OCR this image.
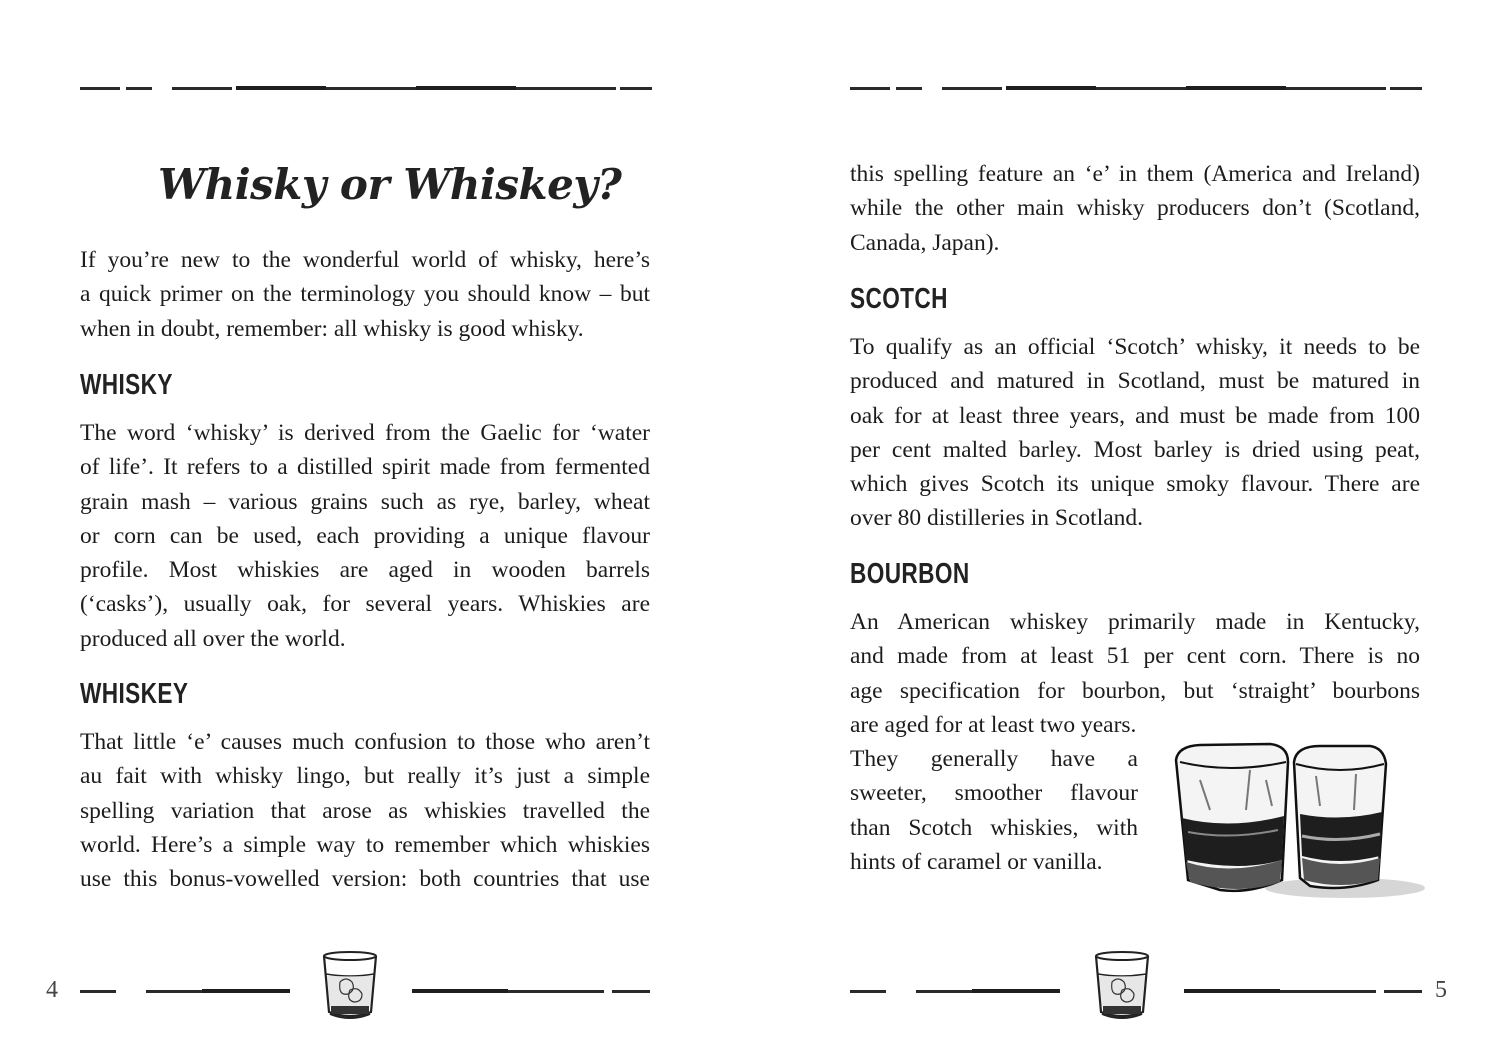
Whisky or Whiskey?
If you’re new to the wonderful world of whisky, here’s
a quick primer on the terminology you should know – but
when in doubt, remember: all whisky is good whisky.
WHISKY
The word ‘whisky’ is derived from the Gaelic for ‘water
of life’. It refers to a distilled spirit made from fermented
grain mash – various grains such as rye, barley, wheat
or corn can be used, each providing a unique flavour
profile. Most whiskies are aged in wooden barrels
(‘casks’), usually oak, for several years. Whiskies are
produced all over the world.
WHISKEY
That little ‘e’ causes much confusion to those who aren’t
au fait with whisky lingo, but really it’s just a simple
spelling variation that arose as whiskies travelled the
world. Here’s a simple way to remember which whiskies
use this bonus-vowelled version: both countries that use
4
this spelling feature an ‘e’ in them (America and Ireland)
while the other main whisky producers don’t (Scotland,
Canada, Japan).
SCOTCH
To qualify as an official ‘Scotch’ whisky, it needs to be
produced and matured in Scotland, must be matured in
oak for at least three years, and must be made from 100
per cent malted barley. Most barley is dried using peat,
which gives Scotch its unique smoky flavour. There are
over 80 distilleries in Scotland.
BOURBON
An American whiskey primarily made in Kentucky,
and made from at least 51 per cent corn. There is no
age specification for bourbon, but ‘straight’ bourbons
are aged for at least two years.
They generally have a
sweeter, smoother flavour
than Scotch whiskies, with
hints of caramel or vanilla.
5
